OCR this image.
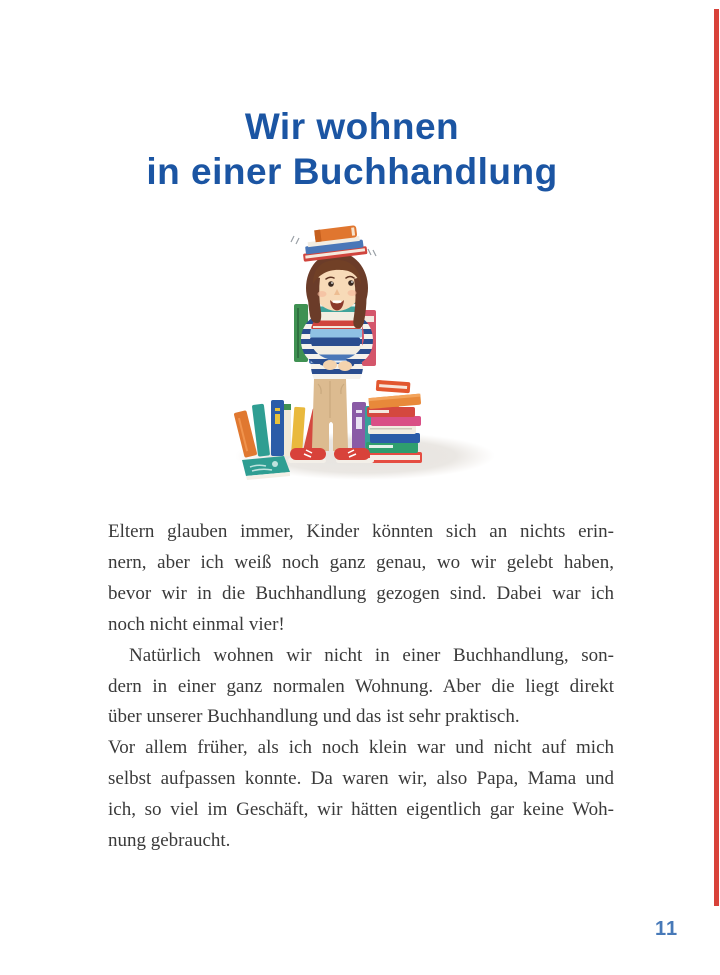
Wir wohnen
in einer Buchhandlung
Eltern glauben immer, Kinder könnten sich an nichts erin-
nern, aber ich weiß noch ganz genau, wo wir gelebt haben,
bevor wir in die Buchhandlung gezogen sind. Dabei war ich
noch nicht einmal vier!
Natürlich wohnen wir nicht in einer Buchhandlung, son-
dern in einer ganz normalen Wohnung. Aber die liegt direkt
über unserer Buchhandlung und das ist sehr praktisch.
Vor allem früher, als ich noch klein war und nicht auf mich
selbst aufpassen konnte. Da waren wir, also Papa, Mama und
ich, so viel im Geschäft, wir hätten eigentlich gar keine Woh-
nung gebraucht.
11
